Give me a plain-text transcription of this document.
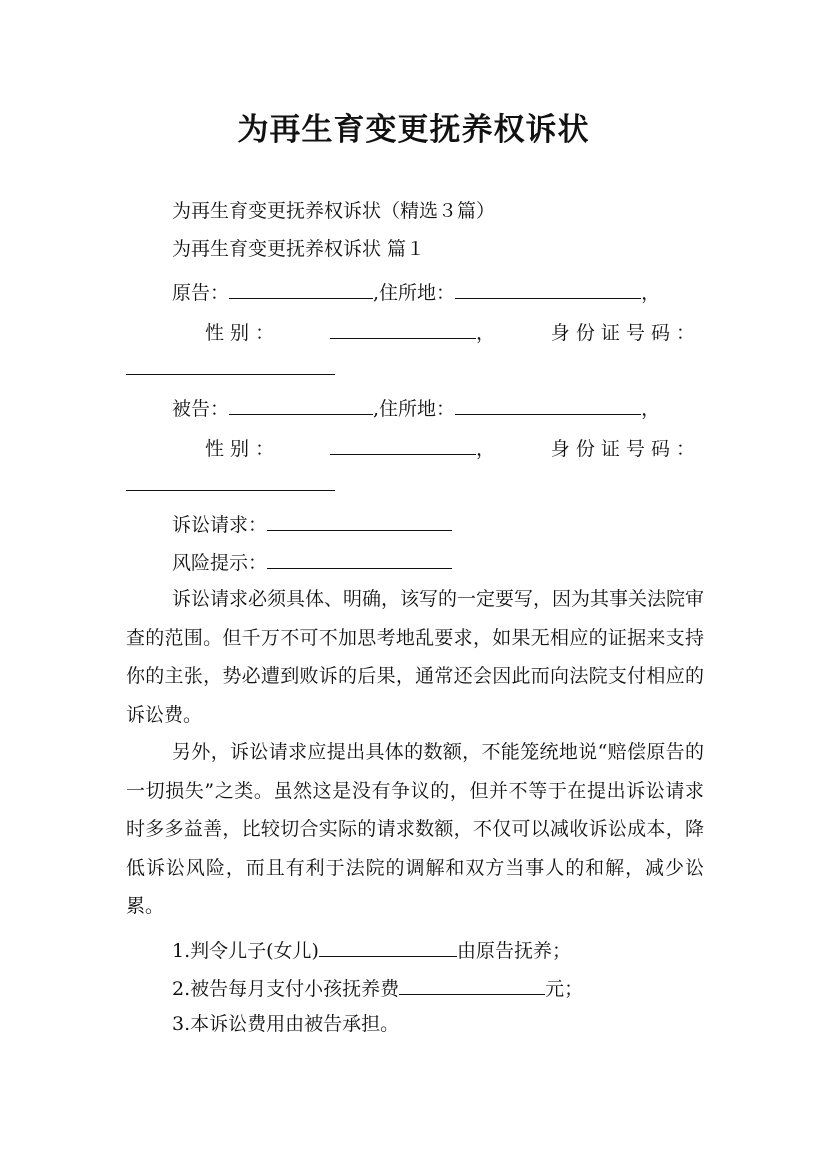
为再生育变更抚养权诉状
为再生育变更抚养权诉状（精选３篇）
为再生育变更抚养权诉状 篇１
原告：	,住所地：	，
性 别 ：	，	身 份 证 号 码 ：
被告：	,住所地：	，
性 别 ：	，	身 份 证 号 码 ：
诉讼请求：
风险提示：

诉讼请求必须具体、明确，该写的一定要写，因为其事关法院审查的范围。但千万不可不加思考地乱要求，如果无相应的证据来支持你的主张，势必遭到败诉的后果，通常还会因此而向法院支付相应的诉讼费。

另外，诉讼请求应提出具体的数额，不能笼统地说“赔偿原告的一切损失”之类。虽然这是没有争议的，但并不等于在提出诉讼请求时多多益善，比较切合实际的请求数额，不仅可以减收诉讼成本，降低诉讼风险，而且有利于法院的调解和双方当事人的和解，减少讼累。

1.判令儿子(女儿)	由原告抚养；
2.被告每月支付小孩抚养费	元；
3.本诉讼费用由被告承担。
